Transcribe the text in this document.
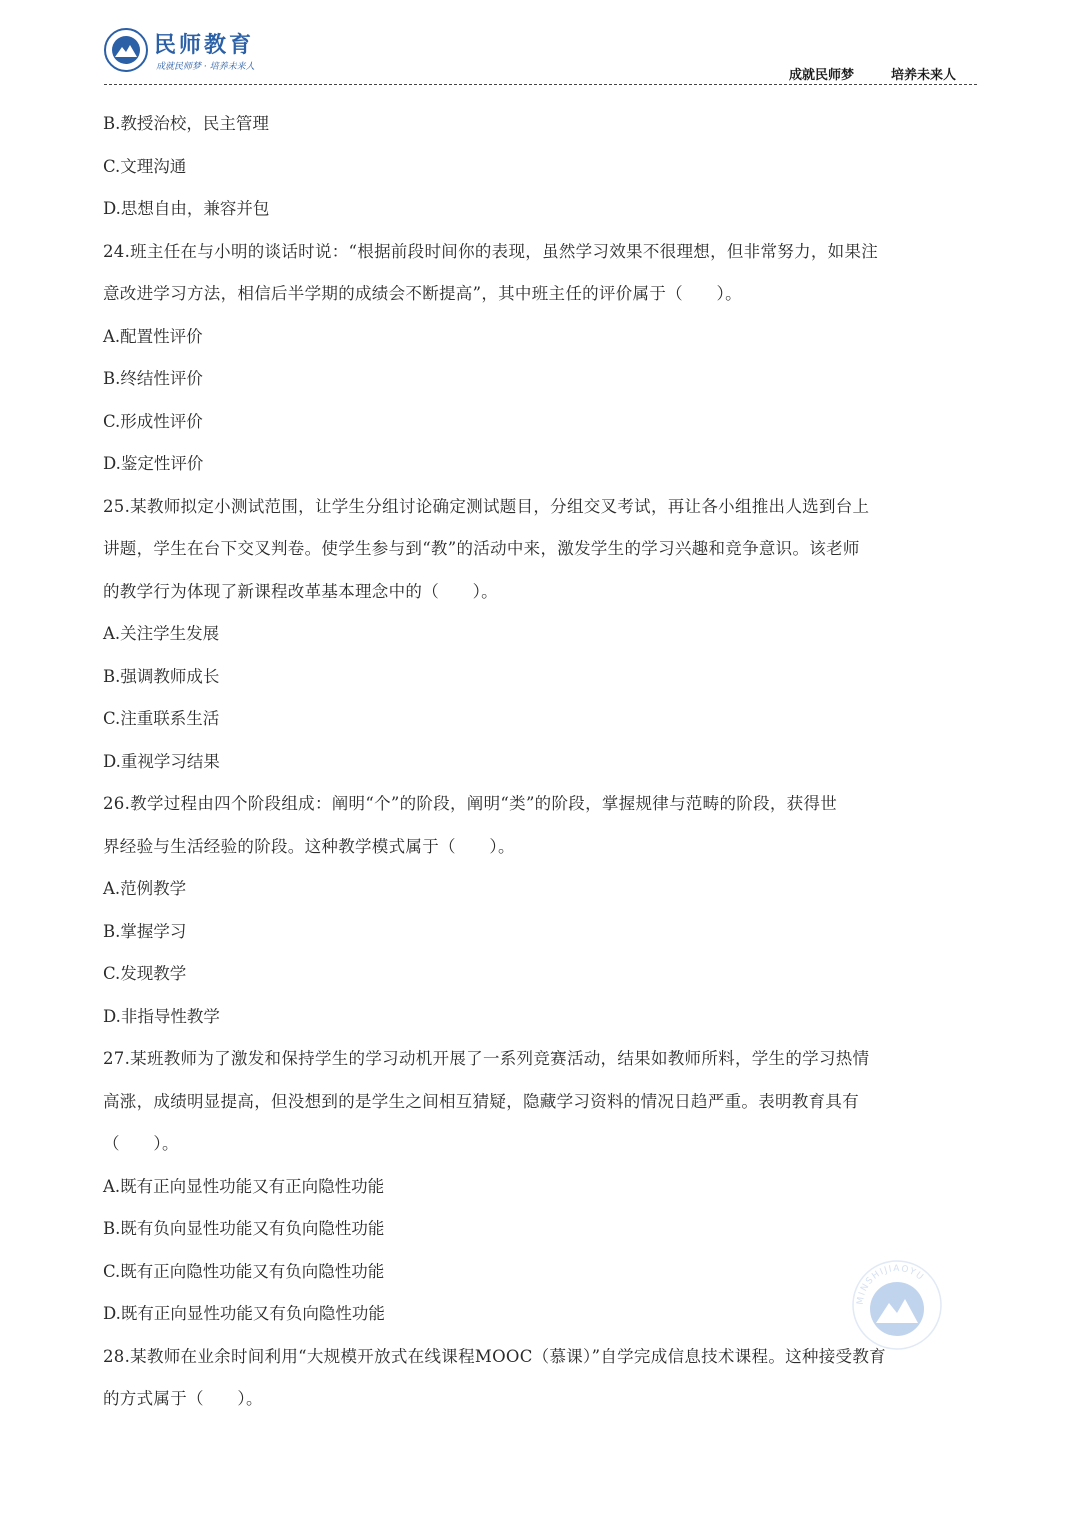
民师教育
成就民师梦 · 培养未来人
成就民师梦	培养未来人
B.教授治校，民主管理
C.文理沟通
D.思想自由，兼容并包
24.班主任在与小明的谈话时说：“根据前段时间你的表现，虽然学习效果不很理想，但非常努力，如果注
意改进学习方法，相信后半学期的成绩会不断提高”，其中班主任的评价属于（　　）。
A.配置性评价
B.终结性评价
C.形成性评价
D.鉴定性评价
25.某教师拟定小测试范围，让学生分组讨论确定测试题目，分组交叉考试，再让各小组推出人选到台上
讲题，学生在台下交叉判卷。使学生参与到“教”的活动中来，激发学生的学习兴趣和竞争意识。该老师
的教学行为体现了新课程改革基本理念中的（　　）。
A.关注学生发展
B.强调教师成长
C.注重联系生活
D.重视学习结果
26.教学过程由四个阶段组成：阐明“个”的阶段，阐明“类”的阶段，掌握规律与范畴的阶段，获得世
界经验与生活经验的阶段。这种教学模式属于（　　）。
A.范例教学
B.掌握学习
C.发现教学
D.非指导性教学
27.某班教师为了激发和保持学生的学习动机开展了一系列竞赛活动，结果如教师所料，学生的学习热情
高涨，成绩明显提高，但没想到的是学生之间相互猜疑，隐藏学习资料的情况日趋严重。表明教育具有
（　　）。
A.既有正向显性功能又有正向隐性功能
B.既有负向显性功能又有负向隐性功能
C.既有正向隐性功能又有负向隐性功能
D.既有正向显性功能又有负向隐性功能
28.某教师在业余时间利用“大规模开放式在线课程MOOC（慕课）”自学完成信息技术课程。这种接受教育
的方式属于（　　）。
MINSHIJIAOYU
